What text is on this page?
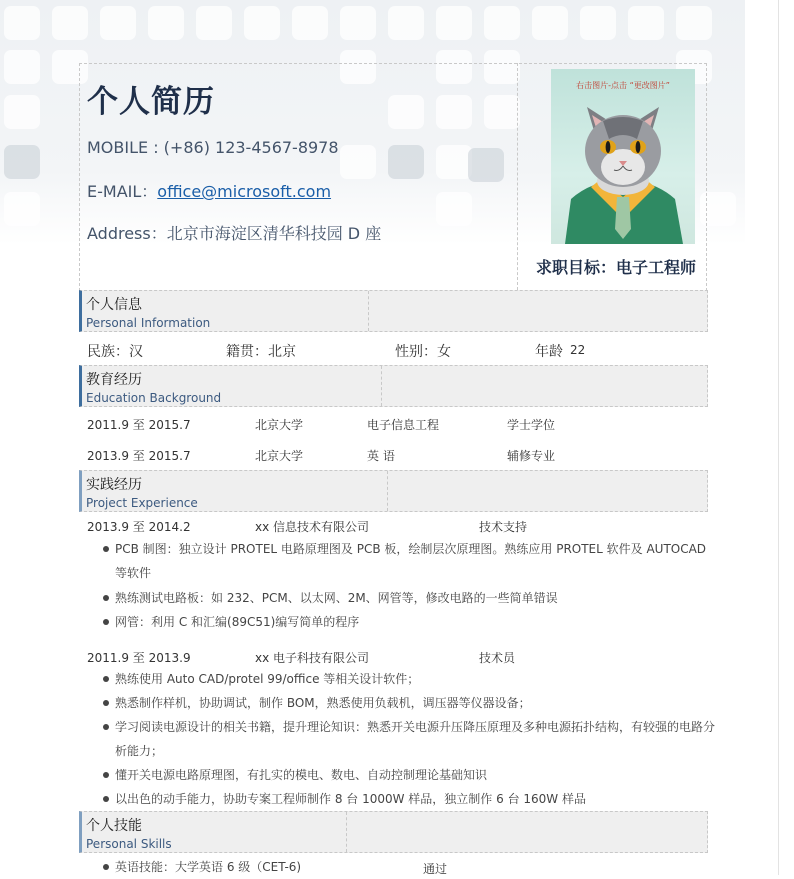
个人简历
MOBILE : (+86) 123-4567-8978
E-MAIL：office@microsoft.com
Address：北京市海淀区清华科技园 D 座
右击图片-点击 “更改图片”
求职目标：电子工程师
个人信息
Personal Information
民族：汉	籍贯：北京	性别：女	年龄 22
教育经历
Education Background
2011.9 至 2015.7	北京大学	电子信息工程	学士学位
2013.9 至 2015.7	北京大学	英 语	辅修专业
实践经历
Project Experience
2013.9 至 2014.2	xx 信息技术有限公司	技术支持
PCB 制图：独立设计 PROTEL 电路原理图及 PCB 板，绘制层次原理图。熟练应用 PROTEL 软件及 AUTOCAD 等软件
熟练测试电路板：如 232、PCM、以太网、2M、网管等，修改电路的一些简单错误
网管：利用 C 和汇编(89C51)编写简单的程序
2011.9 至 2013.9	xx 电子科技有限公司	技术员
熟练使用 Auto CAD/protel 99/office 等相关设计软件；
熟悉制作样机，协助调试，制作 BOM，熟悉使用负载机，调压器等仪器设备；
学习阅读电源设计的相关书籍，提升理论知识：熟悉开关电源升压降压原理及多种电源拓扑结构，有较强的电路分析能力；
懂开关电源电路原理图，有扎实的模电、数电、自动控制理论基础知识
以出色的动手能力，协助专案工程师制作 8 台 1000W 样品，独立制作 6 台 160W 样品
个人技能
Personal Skills
英语技能：大学英语 6 级（CET-6)	通过
